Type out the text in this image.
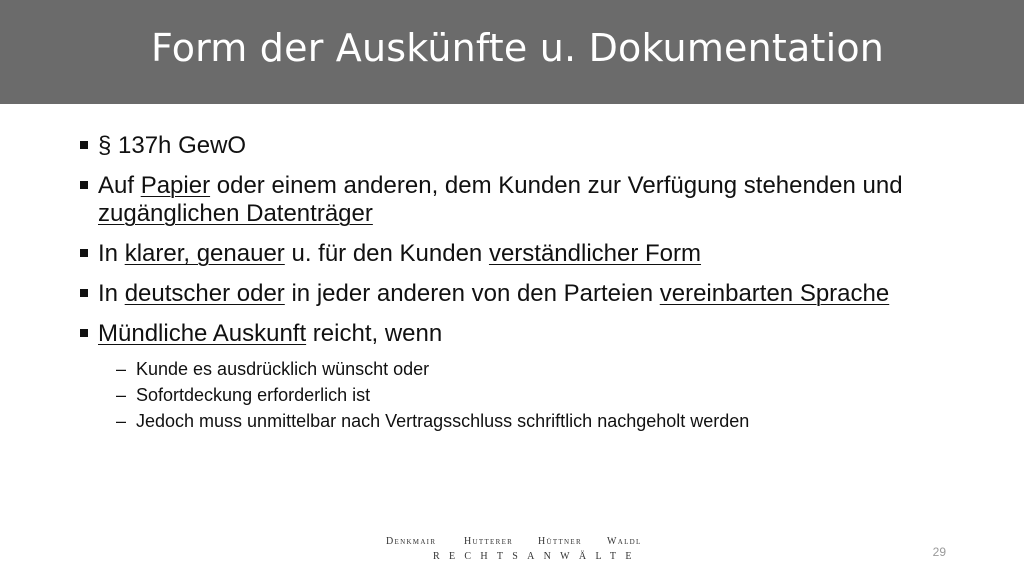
Form der Auskünfte u. Dokumentation
§ 137h GewO
Auf Papier oder einem anderen, dem Kunden zur Verfügung stehenden und zugänglichen Datenträger
In klarer, genauer u. für den Kunden verständlicher Form
In deutscher oder in jeder anderen von den Parteien vereinbarten Sprache
Mündliche Auskunft reicht, wenn
– Kunde es ausdrücklich wünscht oder
– Sofortdeckung erforderlich ist
– Jedoch muss unmittelbar nach Vertragsschluss schriftlich nachgeholt werden
Denkmair	Hutterer Hüttner	Waldl
RECHTSANWÄLTE	29
